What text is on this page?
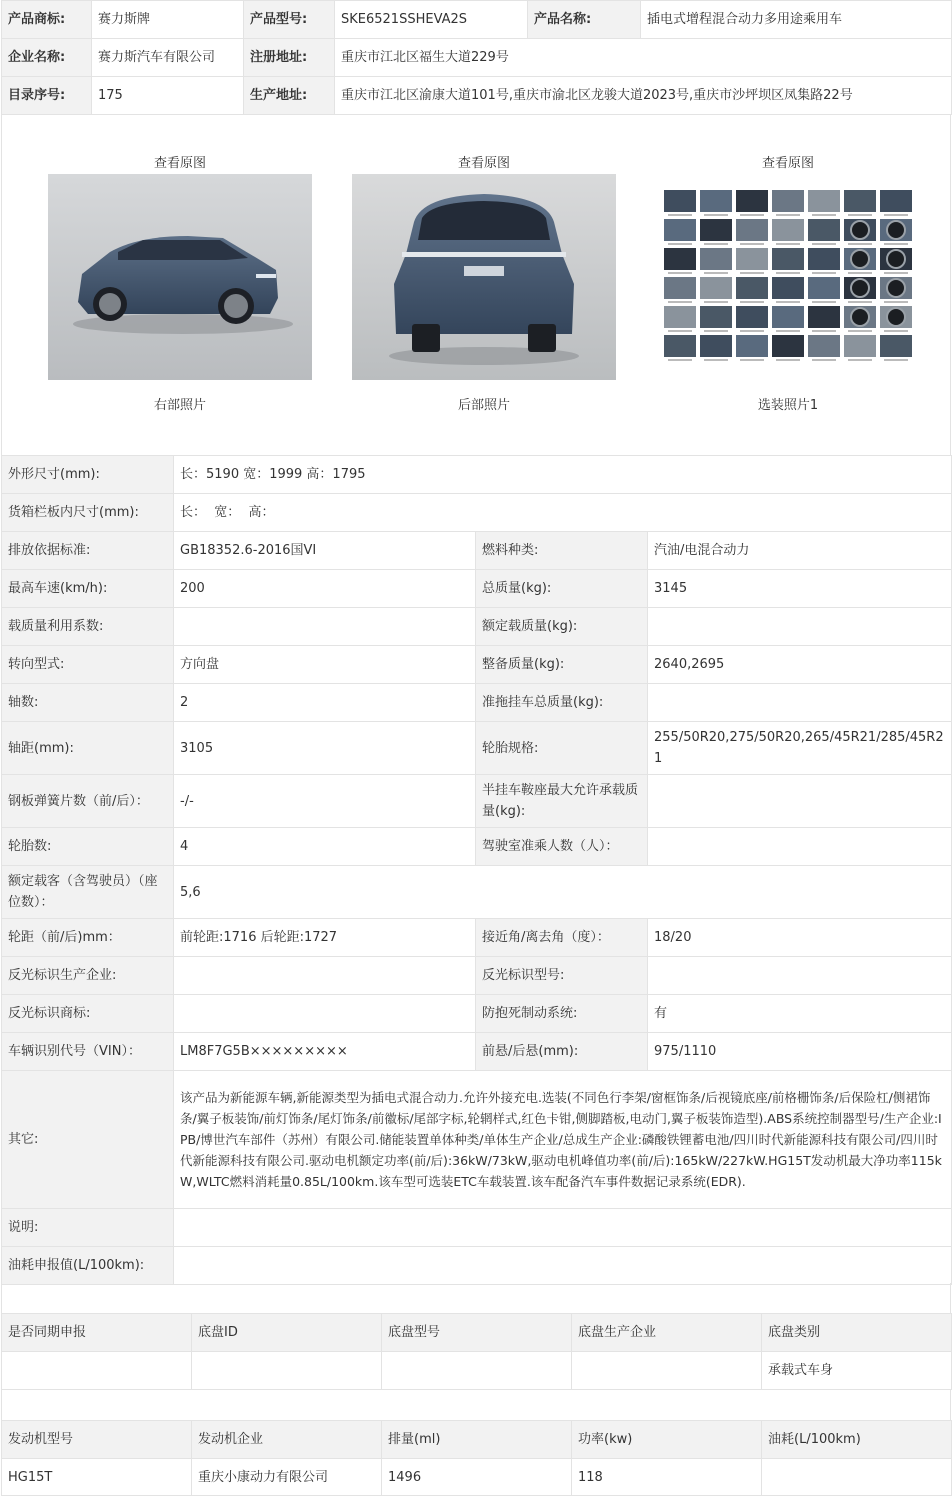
产品商标:	赛力斯牌	产品型号:	SKE6521SSHEVA2S	产品名称:	插电式增程混合动力多用途乘用车
企业名称:	赛力斯汽车有限公司	注册地址:	重庆市江北区福生大道229号		
目录序号:	175	生产地址:	重庆市江北区渝康大道101号,重庆市渝北区龙骏大道2023号,重庆市沙坪坝区凤集路22号		
查看原图
右部照片
查看原图
后部照片
查看原图
选装照片1
外形尺寸(mm):	长：5190 宽：1999 高：1795		
货箱栏板内尺寸(mm):	长：  宽：  高：		
排放依据标准:	GB18352.6-2016国VI	燃料种类:	汽油/电混合动力
最高车速(km/h):	200	总质量(kg):	3145
载质量利用系数:		额定载质量(kg):	
转向型式:	方向盘	整备质量(kg):	2640,2695
轴数:	2	准拖挂车总质量(kg):	
轴距(mm):	3105	轮胎规格:	255/50R20,275/50R20,265/45R21/285/45R21
钢板弹簧片数（前/后）：	-/-	半挂车鞍座最大允许承载质量(kg):	
轮胎数:	4	驾驶室准乘人数（人）：	
额定载客（含驾驶员）（座位数）：	5,6		
轮距（前/后)mm：	前轮距:1716 后轮距:1727	接近角/离去角（度）：	18/20
反光标识生产企业:		反光标识型号:	
反光标识商标:		防抱死制动系统:	有
车辆识别代号（VIN）：	LM8F7G5B×××××××××	前悬/后悬(mm):	975/1110
其它:	该产品为新能源车辆,新能源类型为插电式混合动力.允许外接充电.选装(不同色行李架/窗框饰条/后视镜底座/前格栅饰条/后保险杠/侧裙饰条/翼子板装饰/前灯饰条/尾灯饰条/前徽标/尾部字标,轮辋样式,红色卡钳,侧脚踏板,电动门,翼子板装饰造型).ABS系统控制器型号/生产企业:IPB/博世汽车部件（苏州）有限公司.储能装置单体种类/单体生产企业/总成生产企业:磷酸铁锂蓄电池/四川时代新能源科技有限公司/四川时代新能源科技有限公司.驱动电机额定功率(前/后):36kW/73kW,驱动电机峰值功率(前/后):165kW/227kW.HG15T发动机最大净功率115kW,WLTC燃料消耗量0.85L/100km.该车型可选装ETC车载装置.该车配备汽车事件数据记录系统(EDR).		
说明:			
油耗申报值(L/100km):			
是否同期申报	底盘ID	底盘型号	底盘生产企业	底盘类别
				承载式车身
发动机型号	发动机企业	排量(ml)	功率(kw)	油耗(L/100km)
HG15T	重庆小康动力有限公司	1496	118	
